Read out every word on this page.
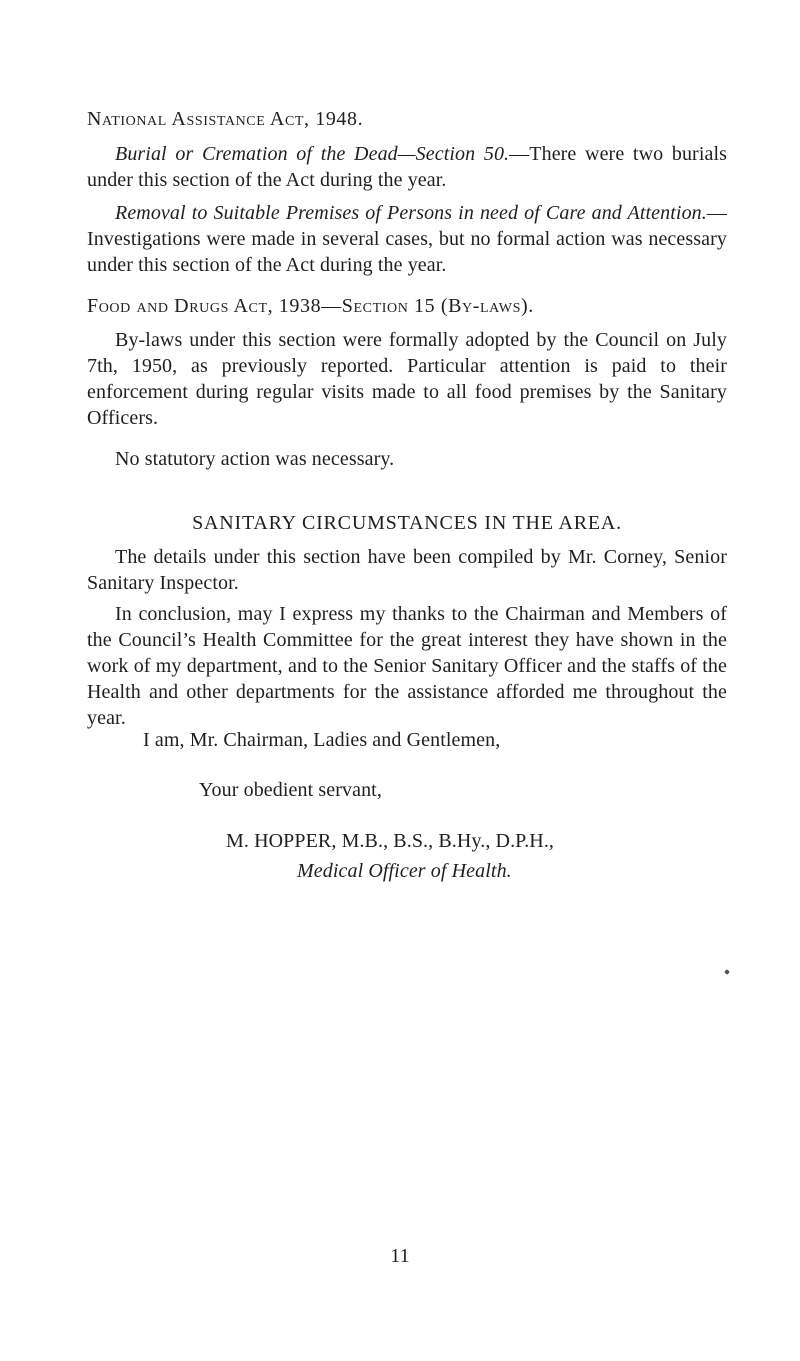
National Assistance Act, 1948.
Burial or Cremation of the Dead—Section 50.—There were two burials under this section of the Act during the year.
Removal to Suitable Premises of Persons in need of Care and Attention.— Investigations were made in several cases, but no formal action was necessary under this section of the Act during the year.
Food and Drugs Act, 1938—Section 15 (By-laws).
By-laws under this section were formally adopted by the Council on July 7th, 1950, as previously reported. Particular attention is paid to their enforcement during regular visits made to all food premises by the Sanitary Officers.
No statutory action was necessary.
SANITARY CIRCUMSTANCES IN THE AREA.
The details under this section have been compiled by Mr. Corney, Senior Sanitary Inspector.
In conclusion, may I express my thanks to the Chairman and Members of the Council’s Health Committee for the great interest they have shown in the work of my department, and to the Senior Sanitary Officer and the staffs of the Health and other departments for the assistance afforded me throughout the year.
I am, Mr. Chairman, Ladies and Gentlemen,
Your obedient servant,
M. HOPPER, M.B., B.S., B.Hy., D.P.H.,
Medical Officer of Health.
11
